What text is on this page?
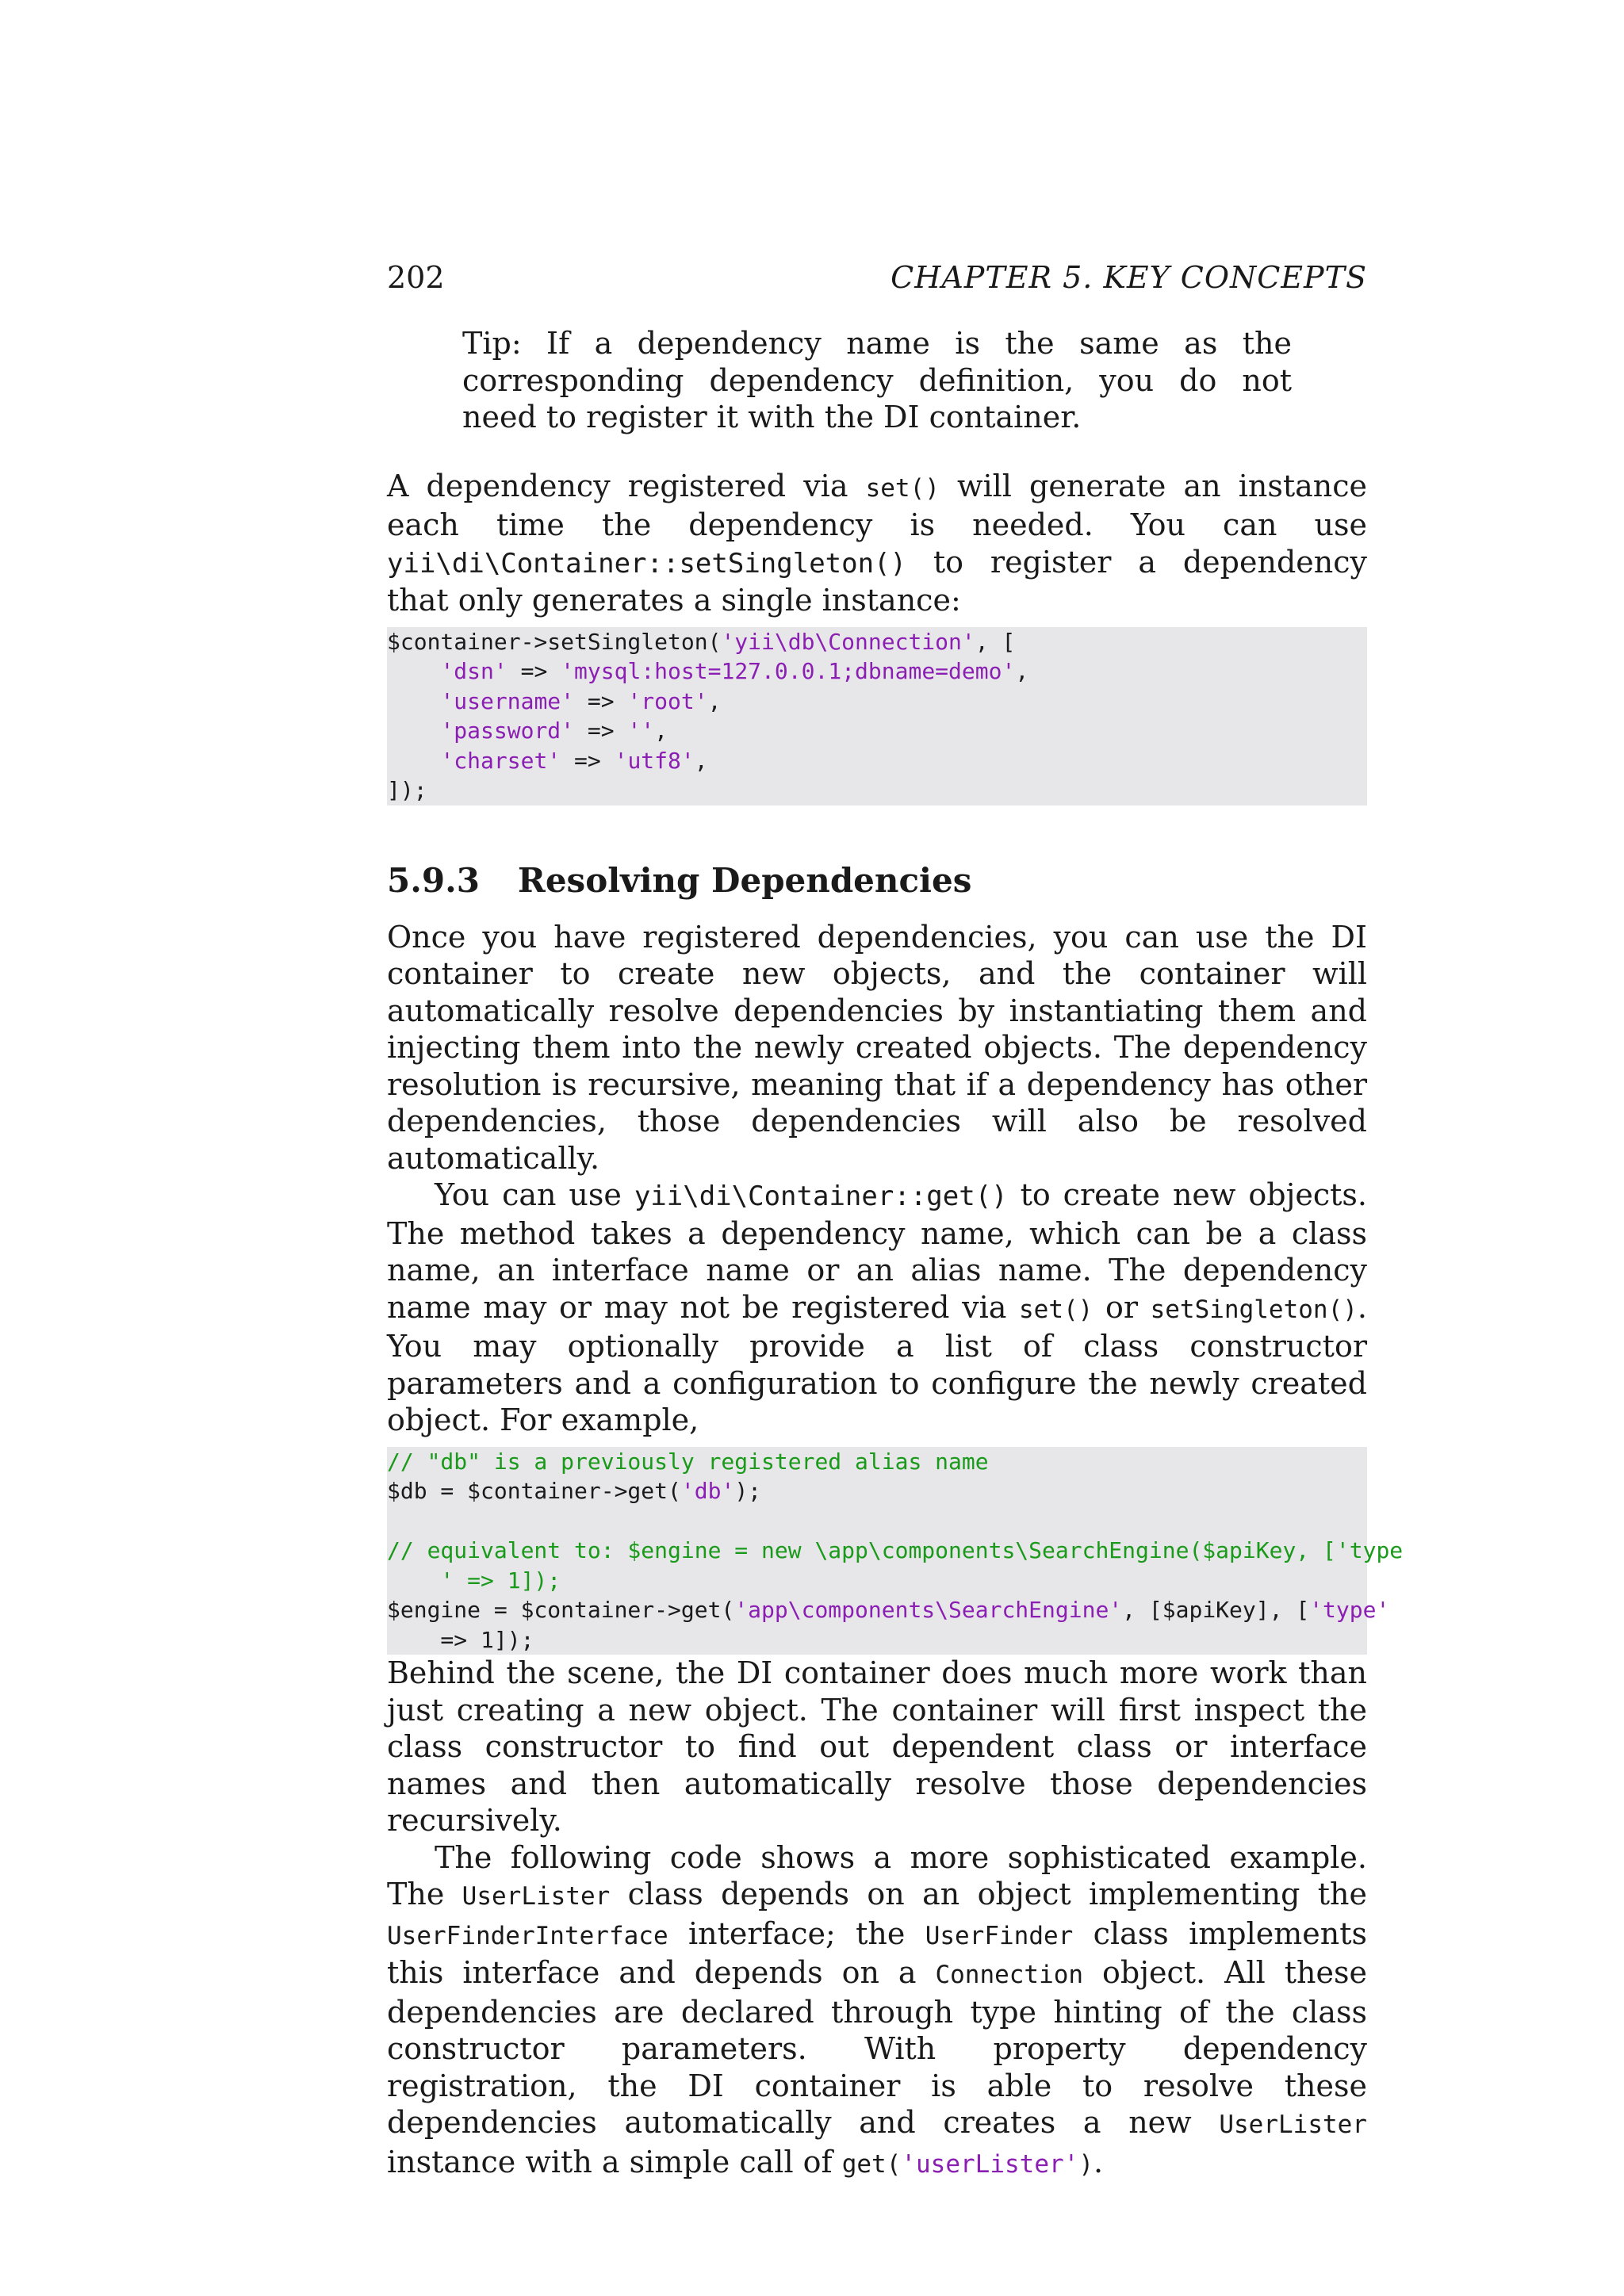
202	CHAPTER 5. KEY CONCEPTS
Tip: If a dependency name is the same as the corresponding dependency definition, you do not need to register it with the DI container.

A dependency registered via set() will generate an instance each time the dependency is needed. You can use yii\di\Container::setSingleton() to register a dependency that only generates a single instance:

$container->setSingleton('yii\db\Connection', [
'dsn' => 'mysql:host=127.0.0.1;dbname=demo',
'username' => 'root',
'password' => '',
'charset' => 'utf8',
]);
5.9.3 Resolving Dependencies

Once you have registered dependencies, you can use the DI container to create new objects, and the container will automatically resolve dependencies by instantiating them and injecting them into the newly created objects. The dependency resolution is recursive, meaning that if a dependency has other dependencies, those dependencies will also be resolved automatically.

You can use yii\di\Container::get() to create new objects. The method takes a dependency name, which can be a class name, an interface name or an alias name. The dependency name may or may not be registered via set() or setSingleton(). You may optionally provide a list of class constructor parameters and a configuration to configure the newly created object. For example,

// "db" is a previously registered alias name
$db = $container->get('db');
// equivalent to: $engine = new \app\components\SearchEngine($apiKey, ['type
' => 1]);
$engine = $container->get('app\components\SearchEngine', [$apiKey], ['type'
=> 1]);

Behind the scene, the DI container does much more work than just creating a new object. The container will first inspect the class constructor to find out dependent class or interface names and then automatically resolve those dependencies recursively.

The following code shows a more sophisticated example. The UserLister class depends on an object implementing the UserFinderInterface interface; the UserFinder class implements this interface and depends on a Connection object. All these dependencies are declared through type hinting of the class constructor parameters. With property dependency registration, the DI container is able to resolve these dependencies automatically and creates a new UserLister instance with a simple call of get('userLister').
